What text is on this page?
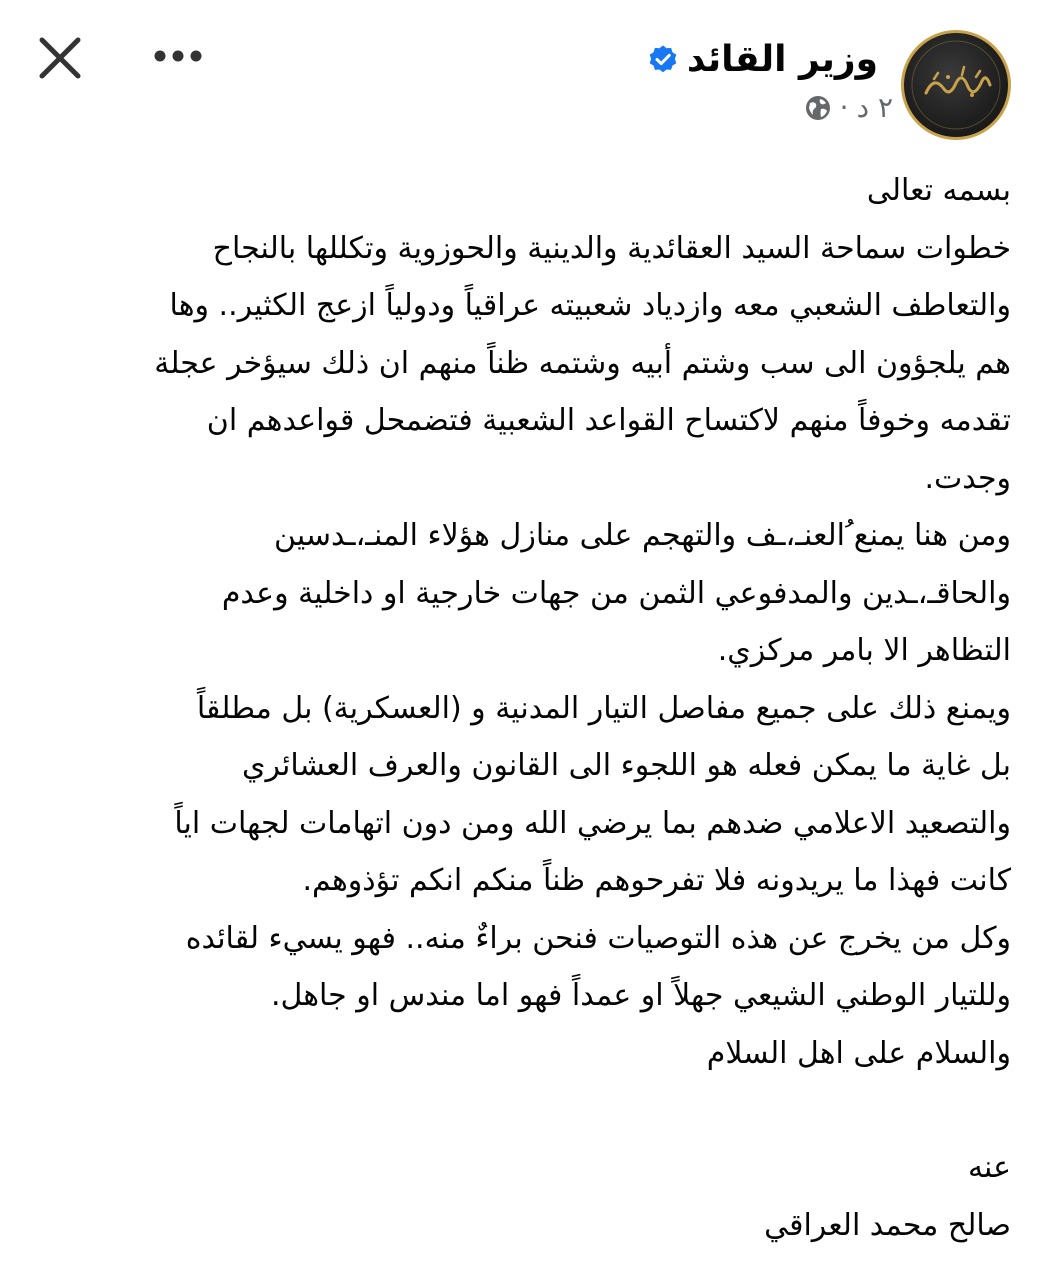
وزير القائد
٢ د
·

بسمه تعالى

خطوات سماحة السيد العقائدية والدينية والحوزوية وتكللها بالنجاح

والتعاطف الشعبي معه وازدياد شعبيته عراقياً ودولياً ازعج الكثير.. وها

هم يلجؤون الى سب وشتم أبيه وشتمه ظناً منهم ان ذلك سيؤخر عجلة

تقدمه وخوفاً منهم لاكتساح القواعد الشعبية فتضمحل قواعدهم ان

وجدت.

ومن هنا يمنع ُالعنـ،ـف والتهجم على منازل هؤلاء المنـ،ـدسين

والحاقـ،ـدين والمدفوعي الثمن من جهات خارجية او داخلية وعدم

التظاهر الا بامر مركزي.

ويمنع ذلك على جميع مفاصل التيار المدنية و (العسكرية) بل مطلقاً

بل غاية ما يمكن فعله هو اللجوء الى القانون والعرف العشائري

والتصعيد الاعلامي ضدهم بما يرضي الله ومن دون اتهامات لجهات اياً

كانت فهذا ما يريدونه فلا تفرحوهم ظناً منكم انكم تؤذوهم.

وكل من يخرج عن هذه التوصيات فنحن براءٌ منه.. فهو يسيء لقائده

وللتيار الوطني الشيعي جهلاً او عمداً فهو اما مندس او جاهل.

والسلام على اهل السلام

عنه

صالح محمد العراقي
